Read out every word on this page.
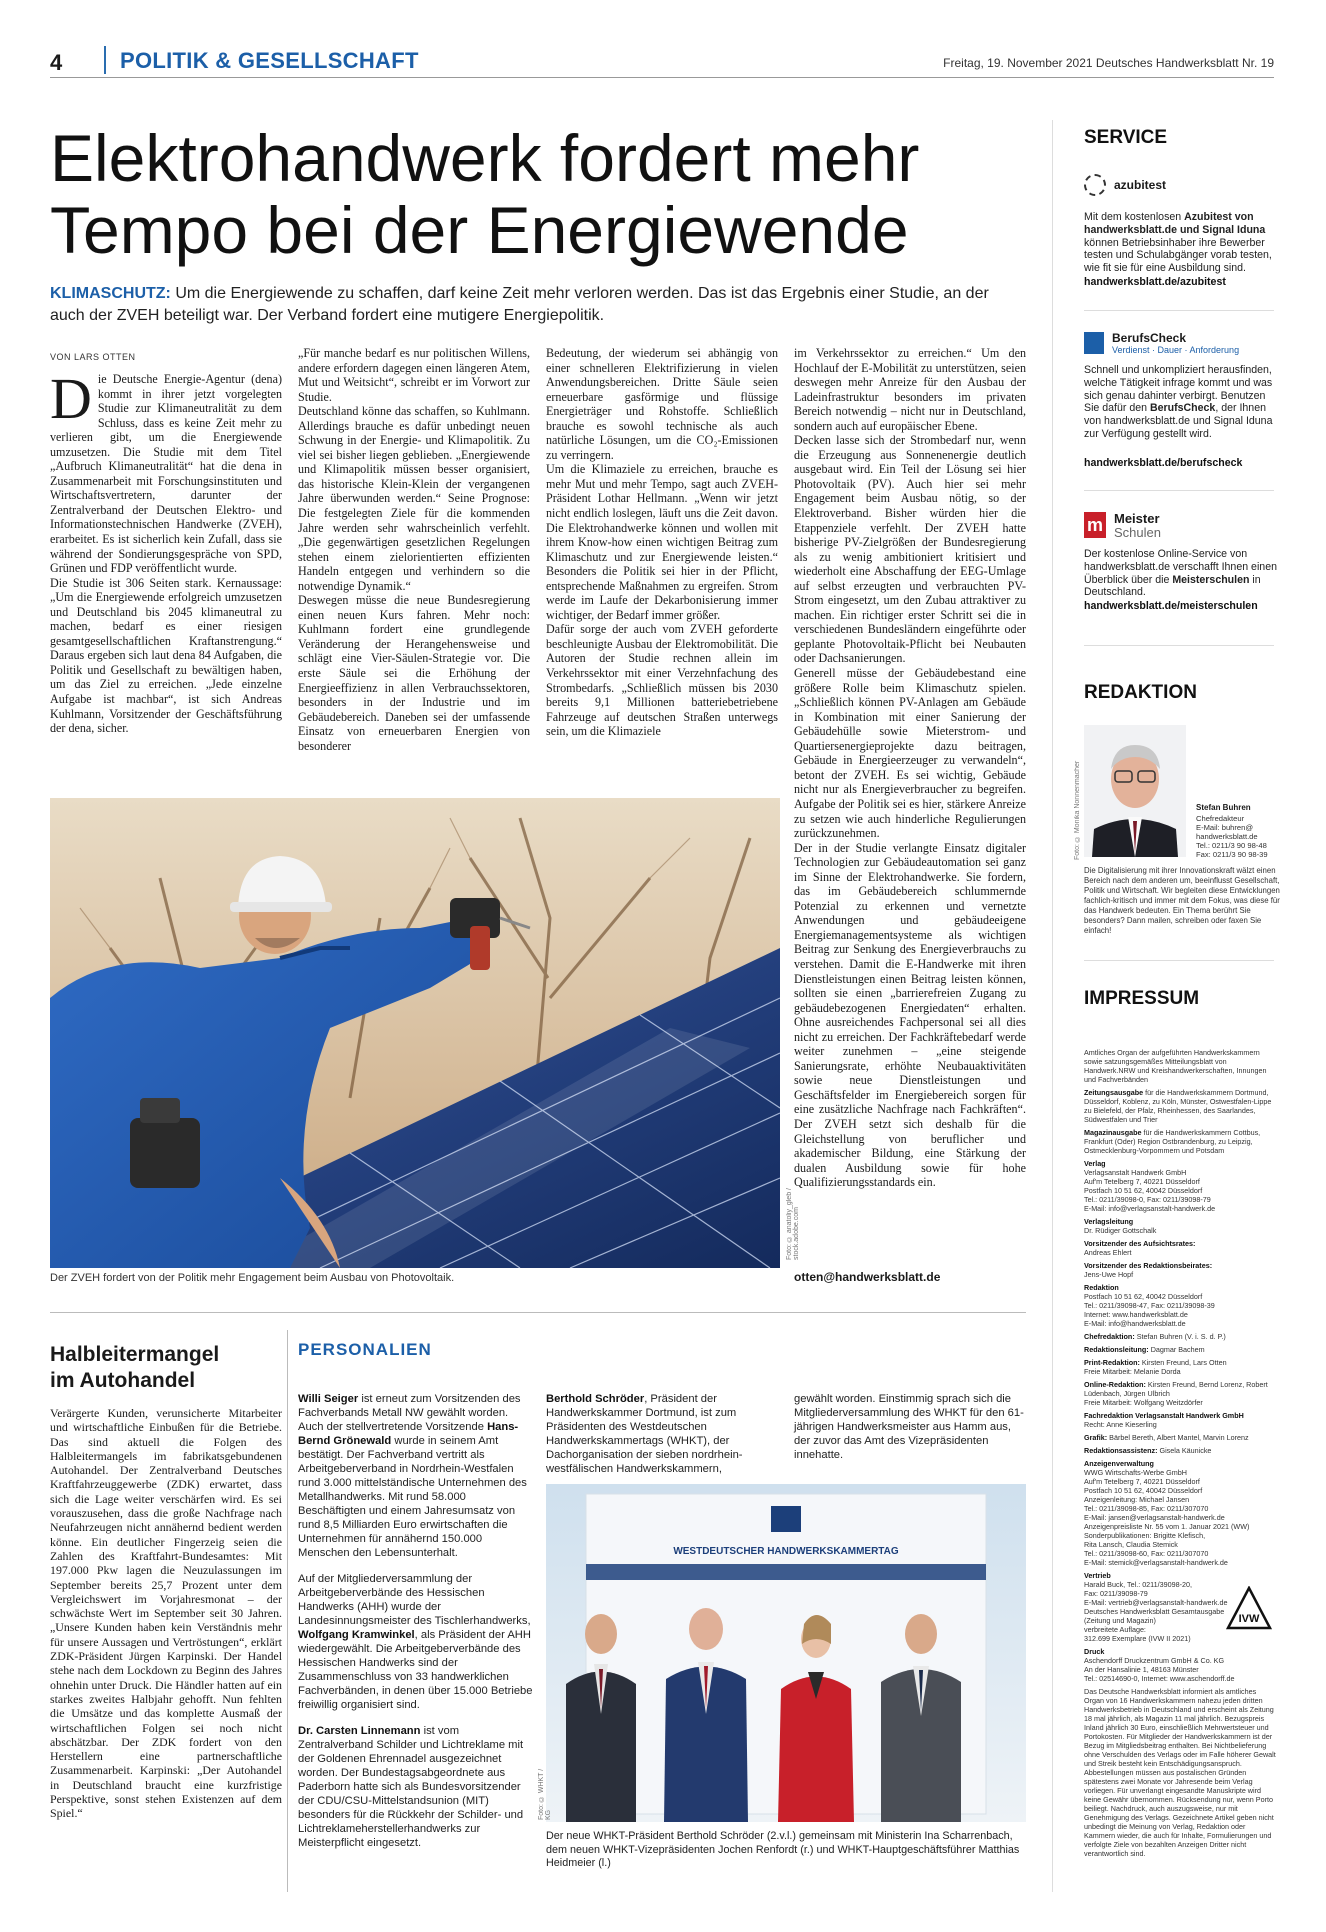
4	POLITIK & GESELLSCHAFT	Freitag, 19. November 2021 Deutsches Handwerksblatt Nr. 19
Elektrohandwerk fordert mehr
Tempo bei der Energiewende
KLIMASCHUTZ: Um die Energiewende zu schaffen, darf keine Zeit mehr verloren werden. Das ist das Ergebnis einer Studie, an der auch der ZVEH beteiligt war. Der Verband fordert eine mutigere Energiepolitik.
VON LARS OTTEN
Die Deutsche Energie-Agentur (dena) kommt in ihrer jetzt vorgelegten Studie zur Klimaneutralität zu dem Schluss, dass es keine Zeit mehr zu verlieren gibt, um die Energiewende umzusetzen. Die Studie mit dem Titel „Aufbruch Klimaneutralität“ hat die dena in Zusammenarbeit mit Forschungsinstituten und Wirtschaftsvertretern, darunter der Zentralverband der Deutschen Elektro- und Informationstechnischen Handwerke (ZVEH), erarbeitet. Es ist sicherlich kein Zufall, dass sie während der Sondierungsgespräche von SPD, Grünen und FDP veröffentlicht wurde.
Die Studie ist 306 Seiten stark. Kernaussage: „Um die Energiewende erfolgreich umzusetzen und Deutschland bis 2045 klimaneutral zu machen, bedarf es einer riesigen gesamtgesellschaftlichen Kraftanstrengung.“ Daraus ergeben sich laut dena 84 Aufgaben, die Politik und Gesellschaft zu bewältigen haben, um das Ziel zu erreichen. „Jede einzelne Aufgabe ist machbar“, ist sich Andreas Kuhlmann, Vorsitzender der Geschäftsführung der dena, sicher.
„Für manche bedarf es nur politischen Willens, andere erfordern dagegen einen längeren Atem, Mut und Weitsicht“, schreibt er im Vorwort zur Studie.
Deutschland könne das schaffen, so Kuhlmann. Allerdings brauche es dafür unbedingt neuen Schwung in der Energie- und Klimapolitik. Zu viel sei bisher liegen geblieben. „Energiewende und Klimapolitik müssen besser organisiert, das historische Klein-Klein der vergangenen Jahre überwunden werden.“ Seine Prognose: Die festgelegten Ziele für die kommenden Jahre werden sehr wahrscheinlich verfehlt. „Die gegenwärtigen gesetzlichen Regelungen stehen einem zielorientierten effizienten Handeln entgegen und verhindern so die notwendige Dynamik.“
Deswegen müsse die neue Bundesregierung einen neuen Kurs fahren. Mehr noch: Kuhlmann fordert eine grundlegende Veränderung der Herangehensweise und schlägt eine Vier-Säulen-Strategie vor. Die erste Säule sei die Erhöhung der Energieeffizienz in allen Verbrauchssektoren, besonders in der Industrie und im Gebäudebereich. Daneben sei der umfassende Einsatz von erneuerbaren Energien von besonderer
Bedeutung, der wiederum sei abhängig von einer schnelleren Elektrifizierung in vielen Anwendungsbereichen. Dritte Säule seien erneuerbare gasförmige und flüssige Energieträger und Rohstoffe. Schließlich brauche es sowohl technische als auch natürliche Lösungen, um die CO₂-Emissionen zu verringern.
Um die Klimaziele zu erreichen, brauche es mehr Mut und mehr Tempo, sagt auch ZVEH-Präsident Lothar Hellmann. „Wenn wir jetzt nicht endlich loslegen, läuft uns die Zeit davon. Die Elektrohandwerke können und wollen mit ihrem Know-how einen wichtigen Beitrag zum Klimaschutz und zur Energiewende leisten.“ Besonders die Politik sei hier in der Pflicht, entsprechende Maßnahmen zu ergreifen. Strom werde im Laufe der Dekarbonisierung immer wichtiger, der Bedarf immer größer.
Dafür sorge der auch vom ZVEH geforderte beschleunigte Ausbau der Elektromobilität. Die Autoren der Studie rechnen allein im Verkehrssektor mit einer Verzehnfachung des Strombedarfs. „Schließlich müssen bis 2030 bereits 9,1 Millionen batteriebetriebene Fahrzeuge auf deutschen Straßen unterwegs sein, um die Klimaziele
im Verkehrssektor zu erreichen.“ Um den Hochlauf der E-Mobilität zu unterstützen, seien deswegen mehr Anreize für den Ausbau der Ladeinfrastruktur besonders im privaten Bereich notwendig – nicht nur in Deutschland, sondern auch auf europäischer Ebene.
Decken lasse sich der Strombedarf nur, wenn die Erzeugung aus Sonnenenergie deutlich ausgebaut wird. Ein Teil der Lösung sei hier Photovoltaik (PV). Auch hier sei mehr Engagement beim Ausbau nötig, so der Elektroverband. Bisher würden hier die Etappenziele verfehlt. Der ZVEH hatte bisherige PV-Zielgrößen der Bundesregierung als zu wenig ambitioniert kritisiert und wiederholt eine Abschaffung der EEG-Umlage auf selbst erzeugten und verbrauchten PV-Strom eingesetzt, um den Zubau attraktiver zu machen. Ein richtiger erster Schritt sei die in verschiedenen Bundesländern eingeführte oder geplante Photovoltaik-Pflicht bei Neubauten oder Dachsanierungen.
Generell müsse der Gebäudebestand eine größere Rolle beim Klimaschutz spielen. „Schließlich können PV-Anlagen am Gebäude in Kombination mit einer Sanierung der Gebäudehülle sowie Mieterstrom- und Quartiersenergieprojekte dazu beitragen, Gebäude in Energieerzeuger zu verwandeln“, betont der ZVEH. Es sei wichtig, Gebäude nicht nur als Energieverbraucher zu begreifen. Aufgabe der Politik sei es hier, stärkere Anreize zu setzen wie auch hinderliche Regulierungen zurückzunehmen.
Der in der Studie verlangte Einsatz digitaler Technologien zur Gebäudeautomation sei ganz im Sinne der Elektrohandwerke. Sie fordern, das im Gebäudebereich schlummernde Potenzial zu erkennen und vernetzte Anwendungen und gebäudeeigene Energiemanagementsysteme als wichtigen Beitrag zur Senkung des Energieverbrauchs zu verstehen. Damit die E-Handwerke mit ihren Dienstleistungen einen Beitrag leisten können, sollten sie einen „barrierefreien Zugang zu gebäudebezogenen Energiedaten“ erhalten. Ohne ausreichendes Fachpersonal sei all dies nicht zu erreichen. Der Fachkräftebedarf werde weiter zunehmen – „eine steigende Sanierungsrate, erhöhte Neubauaktivitäten sowie neue Dienstleistungen und Geschäftsfelder im Energiebereich sorgen für eine zusätzliche Nachfrage nach Fachkräften“. Der ZVEH setzt sich deshalb für die Gleichstellung von beruflicher und akademischer Bildung, eine Stärkung der dualen Ausbildung sowie für hohe Qualifizierungsstandards ein.
otten@handwerksblatt.de
Foto: © anatoliy_gleb / stock.adobe.com
Der ZVEH fordert von der Politik mehr Engagement beim Ausbau von Photovoltaik.
Halbleitermangel
im Autohandel
Verärgerte Kunden, verunsicherte Mitarbeiter und wirtschaftliche Einbußen für die Betriebe. Das sind aktuell die Folgen des Halbleitermangels im fabrikatsgebundenen Autohandel. Der Zentralverband Deutsches Kraftfahrzeuggewerbe (ZDK) erwartet, dass sich die Lage weiter verschärfen wird. Es sei vorauszusehen, dass die große Nachfrage nach Neufahrzeugen nicht annähernd bedient werden könne. Ein deutlicher Fingerzeig seien die Zahlen des Kraftfahrt-Bundesamtes: Mit 197.000 Pkw lagen die Neuzulassungen im September bereits 25,7 Prozent unter dem Vergleichswert im Vorjahresmonat – der schwächste Wert im September seit 30 Jahren. „Unsere Kunden haben kein Verständnis mehr für unsere Aussagen und Vertröstungen“, erklärt ZDK-Präsident Jürgen Karpinski. Der Handel stehe nach dem Lockdown zu Beginn des Jahres ohnehin unter Druck. Die Händler hatten auf ein starkes zweites Halbjahr gehofft. Nun fehlten die Umsätze und das komplette Ausmaß der wirtschaftlichen Folgen sei noch nicht abschätzbar. Der ZDK fordert von den Herstellern eine partnerschaftliche Zusammenarbeit. Karpinski: „Der Autohandel in Deutschland braucht eine kurzfristige Perspektive, sonst stehen Existenzen auf dem Spiel.“
PERSONALIEN

Willi Seiger ist erneut zum Vorsitzenden des Fachverbands Metall NW gewählt worden. Auch der stellvertretende Vorsitzende Hans-Bernd Grönewald wurde in seinem Amt bestätigt. Der Fachverband vertritt als Arbeitgeberverband in Nordrhein-Westfalen rund 3.000 mittelständische Unternehmen des Metallhandwerks. Mit rund 58.000 Beschäftigten und einem Jahresumsatz von rund 8,5 Milliarden Euro erwirtschaften die Unternehmen für annähernd 150.000 Menschen den Lebensunterhalt.

Auf der Mitgliederversammlung der Arbeitgeberverbände des Hessischen Handwerks (AHH) wurde der Landesinnungsmeister des Tischlerhandwerks, Wolfgang Kramwinkel, als Präsident der AHH wiedergewählt. Die Arbeitgeberverbände des Hessischen Handwerks sind der Zusammenschluss von 33 handwerklichen Fachverbänden, in denen über 15.000 Betriebe freiwillig organisiert sind.

Dr. Carsten Linnemann ist vom Zentralverband Schilder und Lichtreklame mit der Goldenen Ehrennadel ausgezeichnet worden. Der Bundestagsabgeordnete aus Paderborn hatte sich als Bundesvorsitzender der CDU/CSU-Mittelstandsunion (MIT) besonders für die Rückkehr der Schilder- und Lichtreklameherstellerhandwerks zur Meisterpflicht eingesetzt.

Berthold Schröder, Präsident der Handwerkskammer Dortmund, ist zum Präsidenten des Westdeutschen Handwerkskammertags (WHKT), der Dachorganisation der sieben nordrhein-westfälischen Handwerkskammern,
gewählt worden. Einstimmig sprach sich die Mitgliederversammlung des WHKT für den 61-jährigen Handwerksmeister aus Hamm aus, der zuvor das Amt des Vizepräsidenten innehatte.
WESTDEUTSCHER HANDWERKSKAMMERTAG
Foto: © WHKT / KG
Der neue WHKT-Präsident Berthold Schröder (2.v.l.) gemeinsam mit Ministerin Ina Scharrenbach, dem neuen WHKT-Vizepräsidenten Jochen Renfordt (r.) und WHKT-Hauptgeschäftsführer Matthias Heidmeier (l.)
SERVICE
azubitest
Mit dem kostenlosen Azubitest von handwerksblatt.de und Signal Iduna können Betriebsinhaber ihre Bewerber testen und Schulabgänger vorab testen, wie fit sie für eine Ausbildung sind.
handwerksblatt.de/azubitest

BerufsCheck
Verdienst · Dauer · Anforderung
Schnell und unkompliziert herausfinden, welche Tätigkeit infrage kommt und was sich genau dahinter verbirgt. Benutzen Sie dafür den BerufsCheck, der Ihnen von handwerksblatt.de und Signal Iduna zur Verfügung gestellt wird.
handwerksblatt.de/berufscheck
m Meister
Schulen
Der kostenlose Online-Service von handwerksblatt.de verschafft Ihnen einen Überblick über die Meisterschulen in Deutschland.
handwerksblatt.de/meisterschulen
REDAKTION
Foto: © Monika Nonnenmacher	Stefan Buhren
Chefredakteur
E-Mail: buhren@
handwerksblatt.de
Tel.: 0211/3 90 98-48
Fax: 0211/3 90 98-39
Die Digitalisierung mit ihrer Innovationskraft wälzt einen Bereich nach dem anderen um, beeinflusst Gesellschaft, Politik und Wirtschaft. Wir begleiten diese Entwicklungen fachlich-kritisch und immer mit dem Fokus, was diese für das Handwerk bedeuten. Ein Thema berührt Sie besonders? Dann mailen, schreiben oder faxen Sie einfach!
IMPRESSUM
Amtliches Organ der aufgeführten Handwerkskammern sowie satzungsgemäßes Mitteilungsblatt von Handwerk.NRW und Kreishandwerkerschaften, Innungen und Fachverbänden
Zeitungsausgabe für die Handwerkskammern Dortmund, Düsseldorf, Koblenz, zu Köln, Münster, Ostwestfalen-Lippe zu Bielefeld, der Pfalz, Rheinhessen, des Saarlandes, Südwestfalen und Trier
Magazinausgabe für die Handwerkskammern Cottbus, Frankfurt (Oder) Region Ostbrandenburg, zu Leipzig, Ostmecklenburg-Vorpommern und Potsdam
Verlag
Verlagsanstalt Handwerk GmbH
Auf'm Tetelberg 7, 40221 Düsseldorf
Postfach 10 51 62, 40042 Düsseldorf
Tel.: 0211/39098-0, Fax: 0211/39098-79
E-Mail: info@verlagsanstalt-handwerk.de
Verlagsleitung
Dr. Rüdiger Gottschalk
Vorsitzender des Aufsichtsrates:
Andreas Ehlert
Vorsitzender des Redaktionsbeirates:
Jens-Uwe Hopf
Redaktion
Postfach 10 51 62, 40042 Düsseldorf
Tel.: 0211/39098-47, Fax: 0211/39098-39
Internet: www.handwerksblatt.de
E-Mail: info@handwerksblatt.de
Chefredaktion: Stefan Buhren (V. i. S. d. P.)
Redaktionsleitung: Dagmar Bachem
Print-Redaktion: Kirsten Freund, Lars Otten
Freie Mitarbeit: Melanie Dorda
Online-Redaktion: Kirsten Freund, Bernd Lorenz, Robert Lüdenbach, Jürgen Ulbrich
Freie Mitarbeit: Wolfgang Weitzdörfer
Fachredaktion Verlagsanstalt Handwerk GmbH
Recht: Anne Kieserling
Grafik: Bärbel Bereth, Albert Mantel, Marvin Lorenz
Redaktionsassistenz: Gisela Käunicke
Anzeigenverwaltung
WWG Wirtschafts-Werbe GmbH
Auf'm Tetelberg 7, 40221 Düsseldorf
Postfach 10 51 62, 40042 Düsseldorf
Anzeigenleitung: Michael Jansen
Tel.: 0211/39098-85, Fax: 0211/307070
E-Mail: jansen@verlagsanstalt-handwerk.de
Anzeigenpreisliste Nr. 55 vom 1. Januar 2021 (WW)
Sonderpublikationen: Brigitte Klefisch,
Rita Lansch, Claudia Stemick
Tel.: 0211/39098-60, Fax: 0211/307070
E-Mail: stemick@verlagsanstalt-handwerk.de
Vertrieb
Harald Buck, Tel.: 0211/39098-20,
Fax: 0211/39098-79
E-Mail: vertrieb@verlagsanstalt-handwerk.de
Deutsches Handwerksblatt Gesamtausgabe
(Zeitung und Magazin)
verbreitete Auflage:
312.699 Exemplare (IVW II 2021)
Druck
Aschendorff Druckzentrum GmbH & Co. KG
An der Hansalinie 1, 48163 Münster
Tel.: 02514690-0, Internet: www.aschendorff.de
Das Deutsche Handwerksblatt informiert als amtliches Organ von 16 Handwerkskammern nahezu jeden dritten Handwerksbetrieb in Deutschland und erscheint als Zeitung 18 mal jährlich, als Magazin 11 mal jährlich. Bezugspreis Inland jährlich 30 Euro, einschließlich Mehrwertsteuer und Portokosten. Für Mitglieder der Handwerkskammern ist der Bezug im Mitgliedsbeitrag enthalten. Bei Nichtbelieferung ohne Verschulden des Verlags oder im Falle höherer Gewalt und Streik besteht kein Entschädigungsanspruch. Abbestellungen müssen aus postalischen Gründen spätestens zwei Monate vor Jahresende beim Verlag vorliegen. Für unverlangt eingesandte Manuskripte wird keine Gewähr übernommen. Rücksendung nur, wenn Porto beiliegt. Nachdruck, auch auszugsweise, nur mit Genehmigung des Verlags. Gezeichnete Artikel geben nicht unbedingt die Meinung von Verlag, Redaktion oder Kammern wieder, die auch für Inhalte, Formulierungen und verfolgte Ziele von bezahlten Anzeigen Dritter nicht verantwortlich sind.
IVW
